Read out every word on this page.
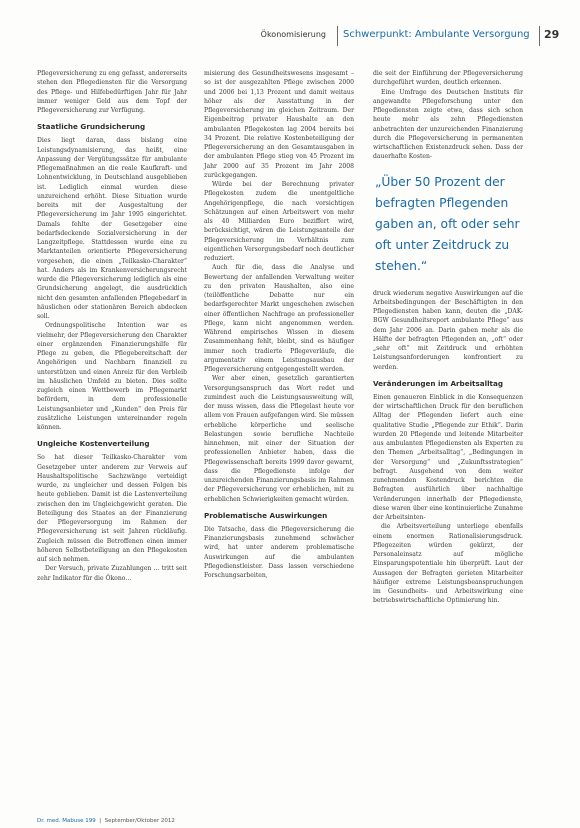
Ökonomisierung Schwerpunkt: Ambulante Versorgung 29

Pflegeversicherung zu eng gefasst, andererseits stehen den Pflegediensten für die Versorgung des Pflege- und Hilfebedürftigen Jahr für Jahr immer weniger Geld aus dem Topf der Pflegeversicherung zur Verfügung.

Staatliche Grundsicherung

Dies liegt daran, dass bislang eine Leistungsdynamisierung, das heißt, eine Anpassung der Vergütungssätze für ambulante Pflegemaßnahmen an die reale Kaufkraft- und Lohnentwicklung, in Deutschland ausgeblieben ist. Lediglich einmal wurden diese unzureichend erhöht. Diese Situation wurde bereits mit der Ausgestaltung der Pflegeversicherung im Jahr 1995 eingerichtet. Damals fehlte der Gesetzgeber eine bedarfsdeckende Sozialversicherung in der Langzeitpflege. Stattdessen wurde eine zu Marktanteilen orientierte Pflegeversicherung vorgesehen, die einen „Teilkasko-Charakter“ hat. Anders als im Krankenversicherungsrecht wurde die Pflegeversicherung lediglich als eine Grundsicherung angelegt, die ausdrücklich nicht den gesamten anfallenden Pflegebedarf in häuslichen oder stationären Bereich abdecken soll.

Ordnungspolitische Intention war es vielmehr, der Pflegeversicherung den Charakter einer ergänzenden Finanzierungshilfe für Pflege zu geben, die Pflegebereitschaft der Angehörigen und Nachbarn finanziell zu unterstützen und einen Anreiz für den Verbleib im häuslichen Umfeld zu bieten. Dies sollte zugleich einen Wettbewerb im Pflegemarkt befördern, in dem professionelle Leistungsanbieter und „Kunden“ den Preis für zusätzliche Leistungen untereinander regeln können.

Ungleiche Kostenverteilung

So hat dieser Teilkasko-Charakter vom Gesetzgeber unter anderem zur Verweis auf Haushaltspolitische Sachzwänge verteidigt wurde, zu ungleicher und dessen Folgen bis heute geblieben. Damit ist die Lastenverteilung zwischen den im Ungleichgewicht geraten. Die Beteiligung des Staates an der Finanzierung der Pflegeversorgung im Rahmen der Pflegeversicherung ist seit Jahren rückläufig. Zugleich müssen die Betroffenen einen immer höheren Selbstbeteiligung an den Pflegekosten auf sich nehmen.

Der Versuch, private Zuzahlungen … tritt seit zehr Indikator für die Ökono…

misierung des Gesundheitswesens insgesamt – so ist der ausgezahlten Pflege zwischen 2000 und 2006 bei 1,13 Prozent und damit weitaus höher als der Ausstattung in der Pflegeversicherung im gleichen Zeitraum. Der Eigenbeitrag privater Haushalte an den ambulanten Pflegekosten lag 2004 bereits bei 34 Prozent. Die relative Kostenbeteiligung der Pflegeversicherung an den Gesamtausgaben in der ambulanten Pflege stieg von 45 Prozent im Jahr 2000 auf 35 Prozent im Jahr 2008 zurückgegangen.

Würde bei der Berechnung privater Pflegekosten zudem die unentgeltliche Angehörigenpflege, die nach vorsichtigen Schätzungen auf einen Arbeitswert von mehr als 40 Milliarden Euro beziffert wird, berücksichtigt, wären die Leistungsanteile der Pflegeversicherung im Verhältnis zum eigentlichen Versorgungsbedarf noch deutlicher reduziert.

Auch für die, dass die Analyse und Bewertung der anfallenden Verwaltung weiter zu den privaten Haushalten, also eine (teilöffentliche Debatte nur ein bedarfsgerechter Markt ungeschehen zwischen einer öffentlichen Nachfrage an professioneller Pflege, kann nicht angenommen werden. Während empirisches Wissen in diesem Zusammenhang fehlt, bleibt, sind es häufiger immer noch tradierte Pflegeverläufe, die argumentativ einem Leistungsausbau der Pflegeversicherung entgegengestellt werden.

Wer aber einen, gesetzlich garantierten Versorgungsanspruch das Wort redet und zumindest auch die Leistungsausweitung will, der muss wissen, dass die Pflegelast heute vor allem von Frauen aufgefangen wird. Sie müssen erhebliche körperliche und seelische Belastungen sowie berufliche Nachteile hinnehmen, mit einer der Situation der professionellen Anbieter haben, dass die Pflegewissenschaft bereits 1999 davor gewarnt, dass die Pflegedienste infolge der unzureichenden Finanzierungsbasis im Rahmen der Pflegeversicherung vor erheblichen, mit zu erheblichen Schwierigkeiten gemacht würden.

Problematische Auswirkungen

Die Tatsache, dass die Pflegeversicherung die Finanzierungsbasis zunehmend schwächer wird, hat unter anderem problematische Auswirkungen auf die ambulanten Pflegedienstleister. Dass lassen verschiedene Forschungsarbeiten,

die seit der Einführung der Pflegeversicherung durchgeführt wurden, deutlich erkennen.

Eine Umfrage des Deutschen Instituts für angewandte Pflegeforschung unter den Pflegediensten zeigte etwa, dass sich schon heute mehr als zehn Pflegediensten anbetrachten der unzureichenden Finanzierung durch die Pflegeversicherung in permanenten wirtschaftlichen Existenzdruck sehen. Dass der dauerhafte Kosten-

„Über 50 Prozent der befragten Pflegenden gaben an, oft oder sehr oft unter Zeitdruck zu stehen.“

druck wiederum negative Auswirkungen auf die Arbeitsbedingungen der Beschäftigten in den Pflegediensten haben kann, deuten die „DAK-BGW Gesundheitsreport ambulante Pflege“ aus dem Jahr 2006 an. Darin gaben mehr als die Hälfte der befragten Pflegenden an, „oft“ oder „sehr oft“ mit Zeitdruck und erhöhten Leistungsanforderungen konfrontiert zu werden.

Veränderungen im Arbeitsalltag

Einen genaueren Einblick in die Konsequenzen der wirtschaftlichen Druck für den beruflichen Alltag der Pflegenden liefert auch eine qualitative Studie „Pflegende zur Ethik“. Darin wurden 20 Pflegende und leitende Mitarbeiter aus ambulanten Pflegediensten als Experten zu den Themen „Arbeitsalltag“, „Bedingungen in der Versorgung“ und „Zukunftsstrategien“ befragt. Ausgehend von dem weiter zunehmenden Kostendruck berichten die Befragten ausführlich über nachhaltige Veränderungen innerhalb der Pflegedienste, diese waren über eine kontinuierliche Zunahme der Arbeitsinten-

die Arbeitsverteilung unterliege ebenfalls einem enormen Rationalisierungsdruck. Pflegezeiten würden gekürzt, der Personaleinsatz auf mögliche Einsparungspotentiale hin überprüft. Laut der Aussagen der Befragten gerieten Mitarbeiter häufiger extreme Leistungsbeanspruchungen im Gesundheits- und Arbeitswirkung eine betriebswirtschaftliche Optimierung hin.

Dr. med. Mabuse 199  |  September/Oktober 2012
